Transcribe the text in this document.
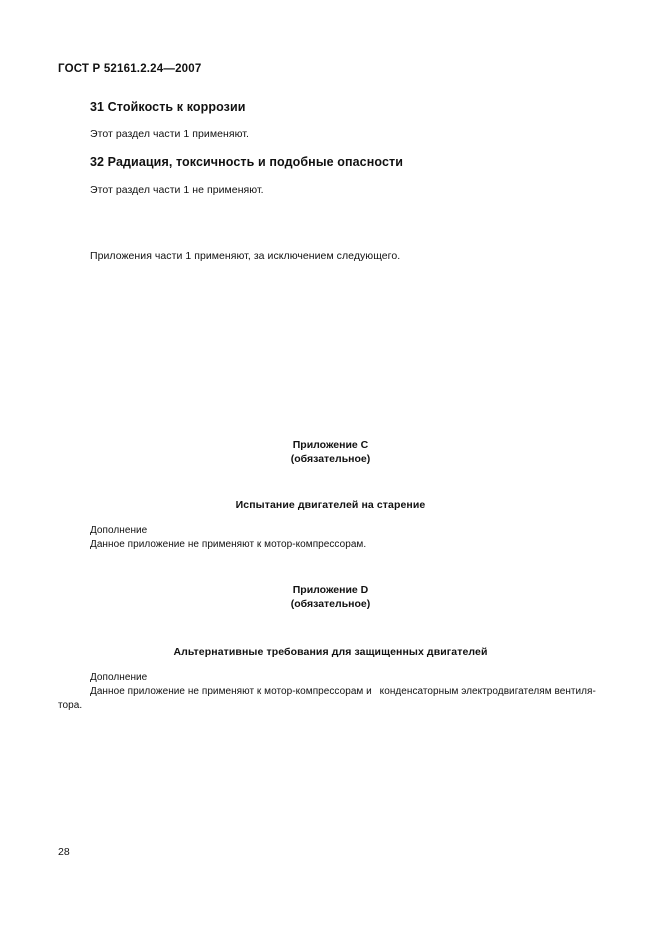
ГОСТ Р 52161.2.24—2007
31 Стойкость к коррозии
Этот раздел части 1 применяют.
32 Радиация, токсичность и подобные опасности
Этот раздел части 1 не применяют.
Приложения части 1 применяют, за исключением следующего.
Приложение C
(обязательное)
Испытание двигателей на старение
Дополнение
Данное приложение не применяют к мотор-компрессорам.
Приложение D
(обязательное)
Альтернативные требования для защищенных двигателей
Дополнение
Данное приложение не применяют к мотор-компрессорам и конденсаторным электродвигателям вентиля-
тора.
28
